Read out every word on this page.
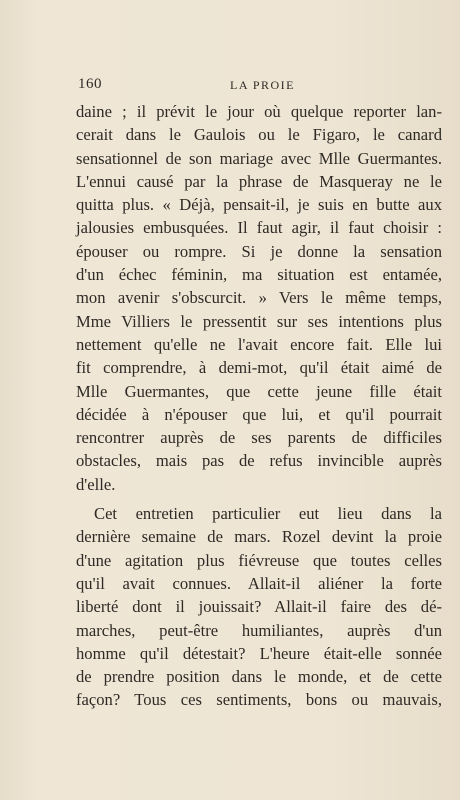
160	LA PROIE
daine ; il prévit le jour où quelque reporter lan-
cerait dans le Gaulois ou le Figaro, le canard
sensationnel de son mariage avec Mlle Guermantes.
L'ennui causé par la phrase de Masqueray ne le
quitta plus. « Déjà, pensait-il, je suis en butte aux
jalousies embusquées. Il faut agir, il faut choisir :
épouser ou rompre. Si je donne la sensation
d'un échec féminin, ma situation est entamée,
mon avenir s'obscurcit. » Vers le même temps,
Mme Villiers le pressentit sur ses intentions plus
nettement qu'elle ne l'avait encore fait. Elle lui
fit comprendre, à demi-mot, qu'il était aimé de
Mlle Guermantes, que cette jeune fille était
décidée à n'épouser que lui, et qu'il pourrait
rencontrer auprès de ses parents de difficiles
obstacles, mais pas de refus invincible auprès
d'elle.
Cet entretien particulier eut lieu dans la
dernière semaine de mars. Rozel devint la proie
d'une agitation plus fiévreuse que toutes celles
qu'il avait connues. Allait-il aliéner la forte
liberté dont il jouissait? Allait-il faire des dé-
marches, peut-être humiliantes, auprès d'un
homme qu'il détestait? L'heure était-elle sonnée
de prendre position dans le monde, et de cette
façon? Tous ces sentiments, bons ou mauvais,
